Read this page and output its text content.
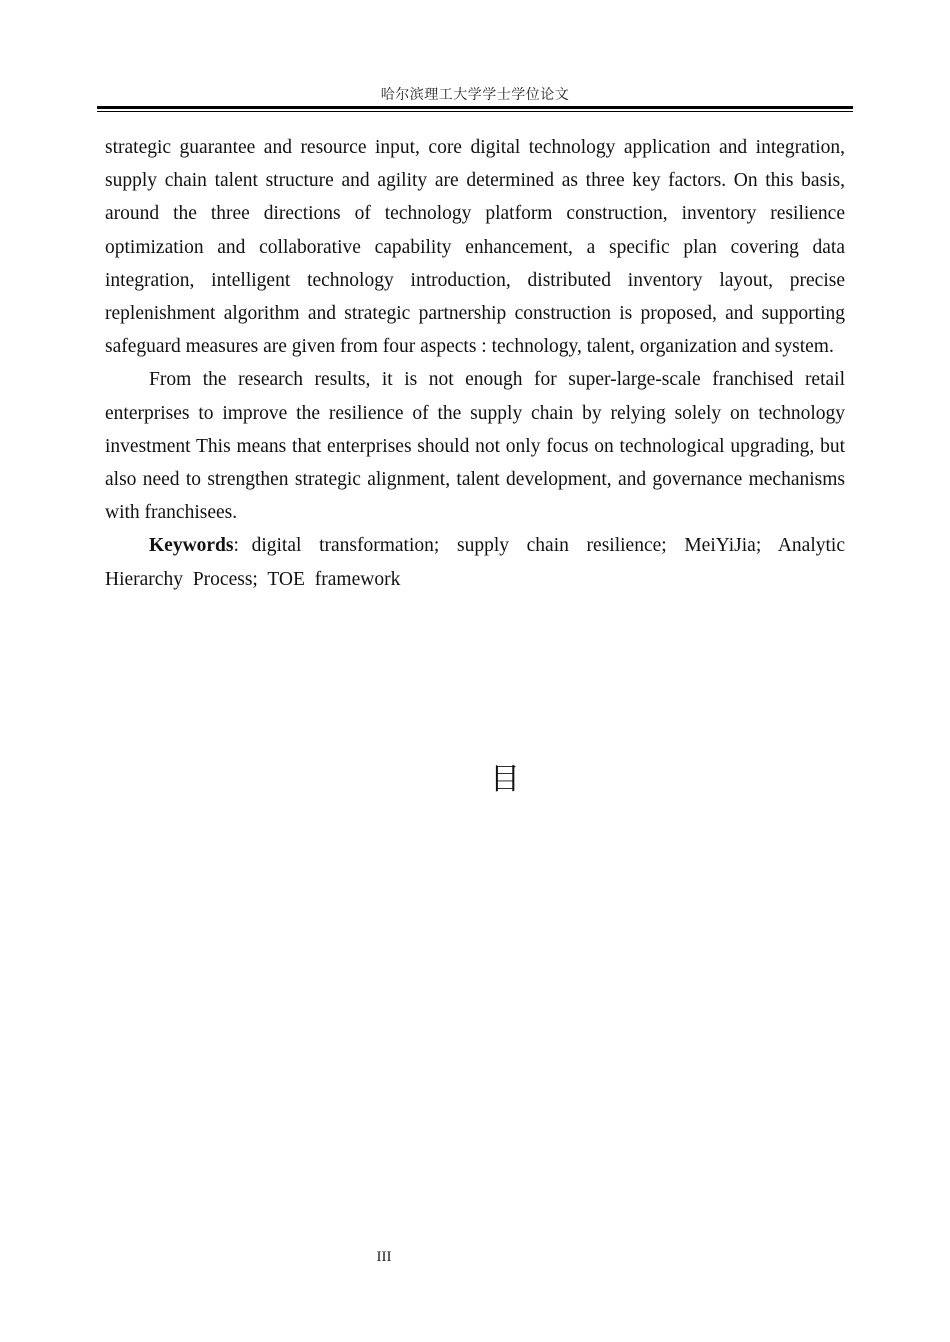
哈尔滨理工大学学士学位论文

strategic guarantee and resource input, core digital technology application and integration, supply chain talent structure and agility are determined as three key factors. On this basis, around the three directions of technology platform construction, inventory resilience optimization and collaborative capability enhancement, a specific plan covering data integration, intelligent technology introduction, distributed inventory layout, precise replenishment algorithm and strategic partnership construction is proposed, and supporting safeguard measures are given from four aspects : technology, talent, organization and system.

From the research results, it is not enough for super-large-scale franchised retail enterprises to improve the resilience of the supply chain by relying solely on technology investment This means that enterprises should not only focus on technological upgrading, but also need to strengthen strategic alignment, talent development, and governance mechanisms with franchisees.

Keywords: digital transformation; supply chain resilience; MeiYiJia; Analytic Hierarchy Process; TOE framework

目
III
